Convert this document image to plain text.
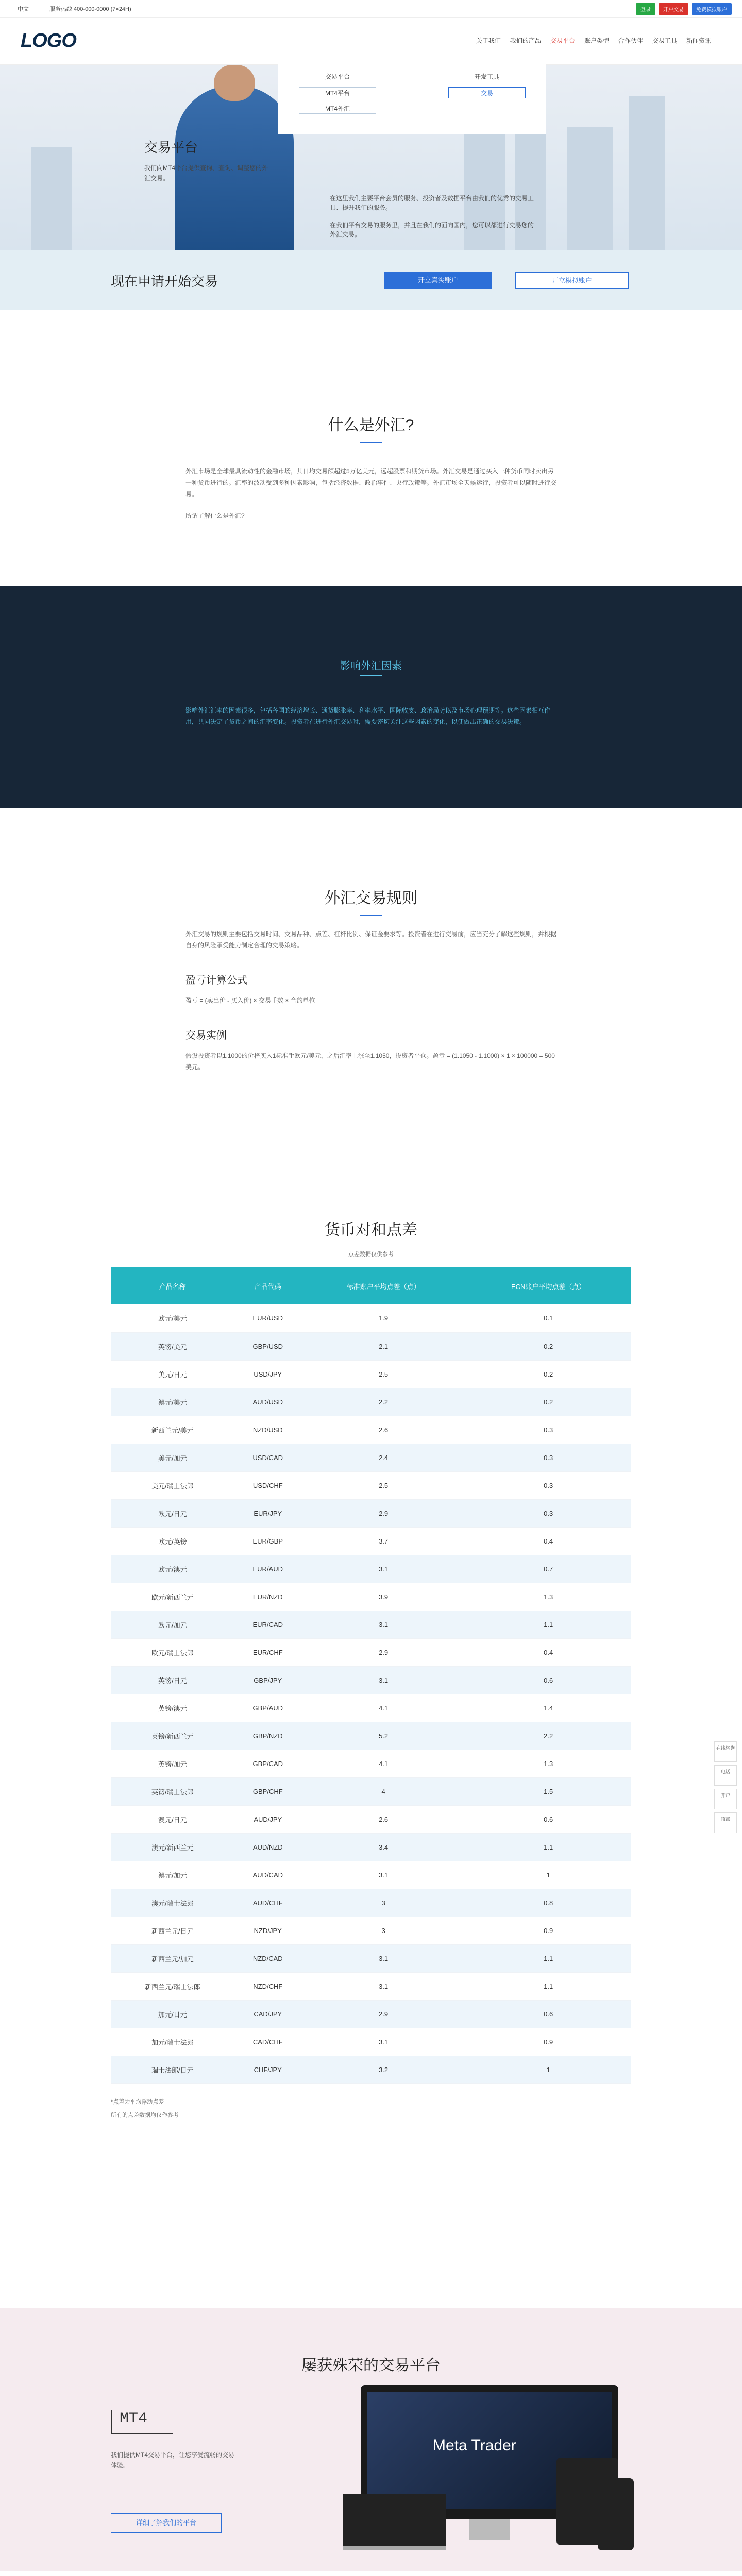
中文	服务热线 400-000-0000 (7×24H)	登录	开户交易	免费模拟账户
LOGO	关于我们 我们的产品 交易平台 账户类型 合作伙伴 交易工具 新闻资讯
交易平台
我们向MT4平台提供查询、查询、调整您的外汇交易。

在这里我们主要平台会员的服务、投资者及数据平台由我们的优秀的交易工具、提升我们的服务。

在我们平台交易的服务里，并且在我们的面向国内，您可以都进行交易您的外汇交易。

交易平台
MT4平台
MT4外汇
开发工具
交易
现在申请开始交易	开立真实账户	开立模拟账户
什么是外汇?

外汇市场是全球最具流动性的金融市场，其日均交易额超过5万亿美元，远超股票和期货市场。外汇交易是通过买入一种货币同时卖出另一种货币进行的。汇率的波动受到多种因素影响，包括经济数据、政治事件、央行政策等。外汇市场全天候运行，投资者可以随时进行交易。

所谓了解什么是外汇?

影响外汇因素

影响外汇汇率的因素很多，包括各国的经济增长、通货膨胀率、利率水平、国际收支、政治局势以及市场心理预期等。这些因素相互作用，共同决定了货币之间的汇率变化。投资者在进行外汇交易时，需要密切关注这些因素的变化，以便做出正确的交易决策。

外汇交易规则

外汇交易的规则主要包括交易时间、交易品种、点差、杠杆比例、保证金要求等。投资者在进行交易前，应当充分了解这些规则，并根据自身的风险承受能力制定合理的交易策略。

盈亏计算公式

盈亏 = (卖出价 - 买入价) × 交易手数 × 合约单位

交易实例

假设投资者以1.1000的价格买入1标准手欧元/美元，之后汇率上涨至1.1050，投资者平仓。盈亏 = (1.1050 - 1.1000) × 1 × 100000 = 500美元。

货币对和点差
点差数据仅供参考
产品名称	产品代码	标准账户平均点差（点）	ECN账户平均点差（点）
欧元/美元	EUR/USD	1.9	0.1
英镑/美元	GBP/USD	2.1	0.2
美元/日元	USD/JPY	2.5	0.2
澳元/美元	AUD/USD	2.2	0.2
新西兰元/美元	NZD/USD	2.6	0.3
美元/加元	USD/CAD	2.4	0.3
美元/瑞士法郎	USD/CHF	2.5	0.3
欧元/日元	EUR/JPY	2.9	0.3
欧元/英镑	EUR/GBP	3.7	0.4
欧元/澳元	EUR/AUD	3.1	0.7
欧元/新西兰元	EUR/NZD	3.9	1.3
欧元/加元	EUR/CAD	3.1	1.1
欧元/瑞士法郎	EUR/CHF	2.9	0.4
英镑/日元	GBP/JPY	3.1	0.6
英镑/澳元	GBP/AUD	4.1	1.4
英镑/新西兰元	GBP/NZD	5.2	2.2
英镑/加元	GBP/CAD	4.1	1.3
英镑/瑞士法郎	GBP/CHF	4	1.5
澳元/日元	AUD/JPY	2.6	0.6
澳元/新西兰元	AUD/NZD	3.4	1.1
澳元/加元	AUD/CAD	3.1	1
澳元/瑞士法郎	AUD/CHF	3	0.8
新西兰元/日元	NZD/JPY	3	0.9
新西兰元/加元	NZD/CAD	3.1	1.1
新西兰元/瑞士法郎	NZD/CHF	3.1	1.1
加元/日元	CAD/JPY	2.9	0.6
加元/瑞士法郎	CAD/CHF	3.1	0.9
瑞士法郎/日元	CHF/JPY	3.2	1
*点差为平均浮动点差
所有的点差数据均仅作参考
在线咨询
电话
开户
顶部
屡获殊荣的交易平台
MT4
我们提供MT4交易平台，让您享受流畅的交易体验。
详细了解我们的平台
Meta Trader
